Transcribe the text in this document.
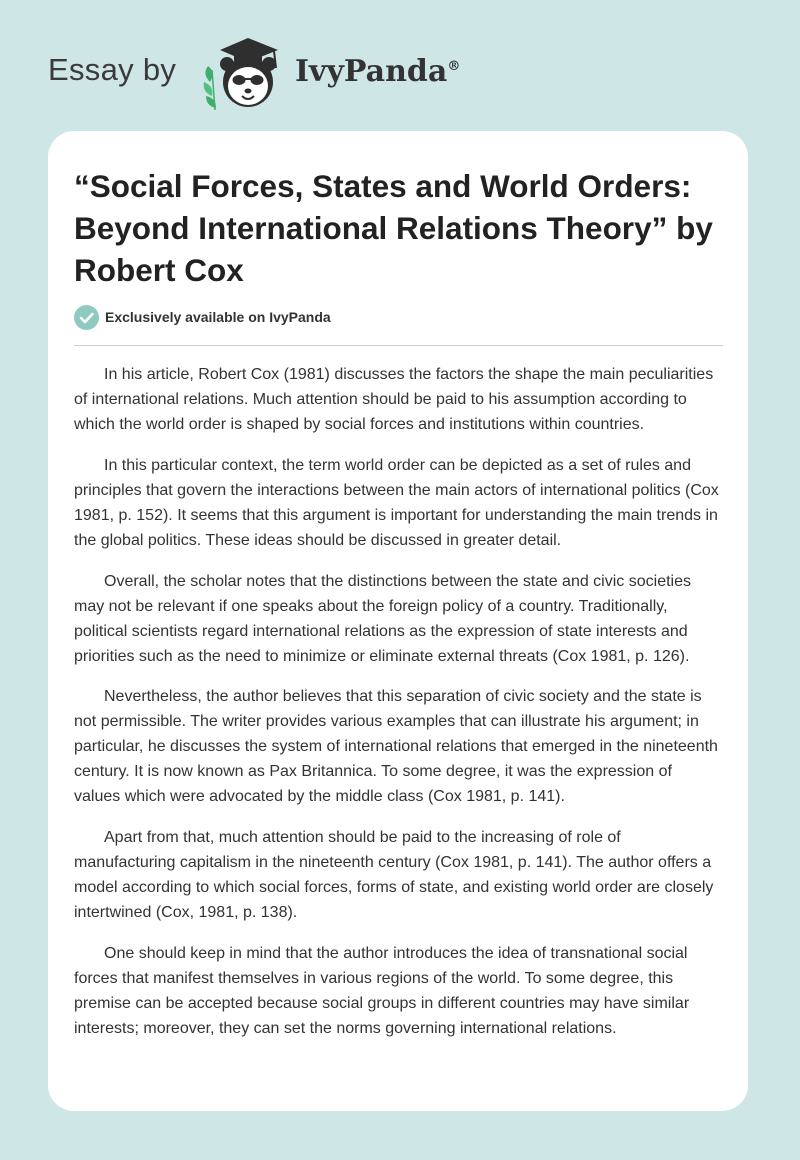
Essay by	IvyPanda®
“Social Forces, States and World Orders: Beyond International Relations Theory” by Robert Cox
Exclusively available on IvyPanda

In his article, Robert Cox (1981) discusses the factors the shape the main peculiarities of international relations. Much attention should be paid to his assumption according to which the world order is shaped by social forces and institutions within countries.

In this particular context, the term world order can be depicted as a set of rules and principles that govern the interactions between the main actors of international politics (Cox 1981, p. 152). It seems that this argument is important for understanding the main trends in the global politics. These ideas should be discussed in greater detail.

Overall, the scholar notes that the distinctions between the state and civic societies may not be relevant if one speaks about the foreign policy of a country. Traditionally, political scientists regard international relations as the expression of state interests and priorities such as the need to minimize or eliminate external threats (Cox 1981, p. 126).

Nevertheless, the author believes that this separation of civic society and the state is not permissible. The writer provides various examples that can illustrate his argument; in particular, he discusses the system of international relations that emerged in the nineteenth century. It is now known as Pax Britannica. To some degree, it was the expression of values which were advocated by the middle class (Cox 1981, p. 141).

Apart from that, much attention should be paid to the increasing of role of manufacturing capitalism in the nineteenth century (Cox 1981, p. 141). The author offers a model according to which social forces, forms of state, and existing world order are closely intertwined (Cox, 1981, p. 138).

One should keep in mind that the author introduces the idea of transnational social forces that manifest themselves in various regions of the world. To some degree, this premise can be accepted because social groups in different countries may have similar interests; moreover, they can set the norms governing international relations.
